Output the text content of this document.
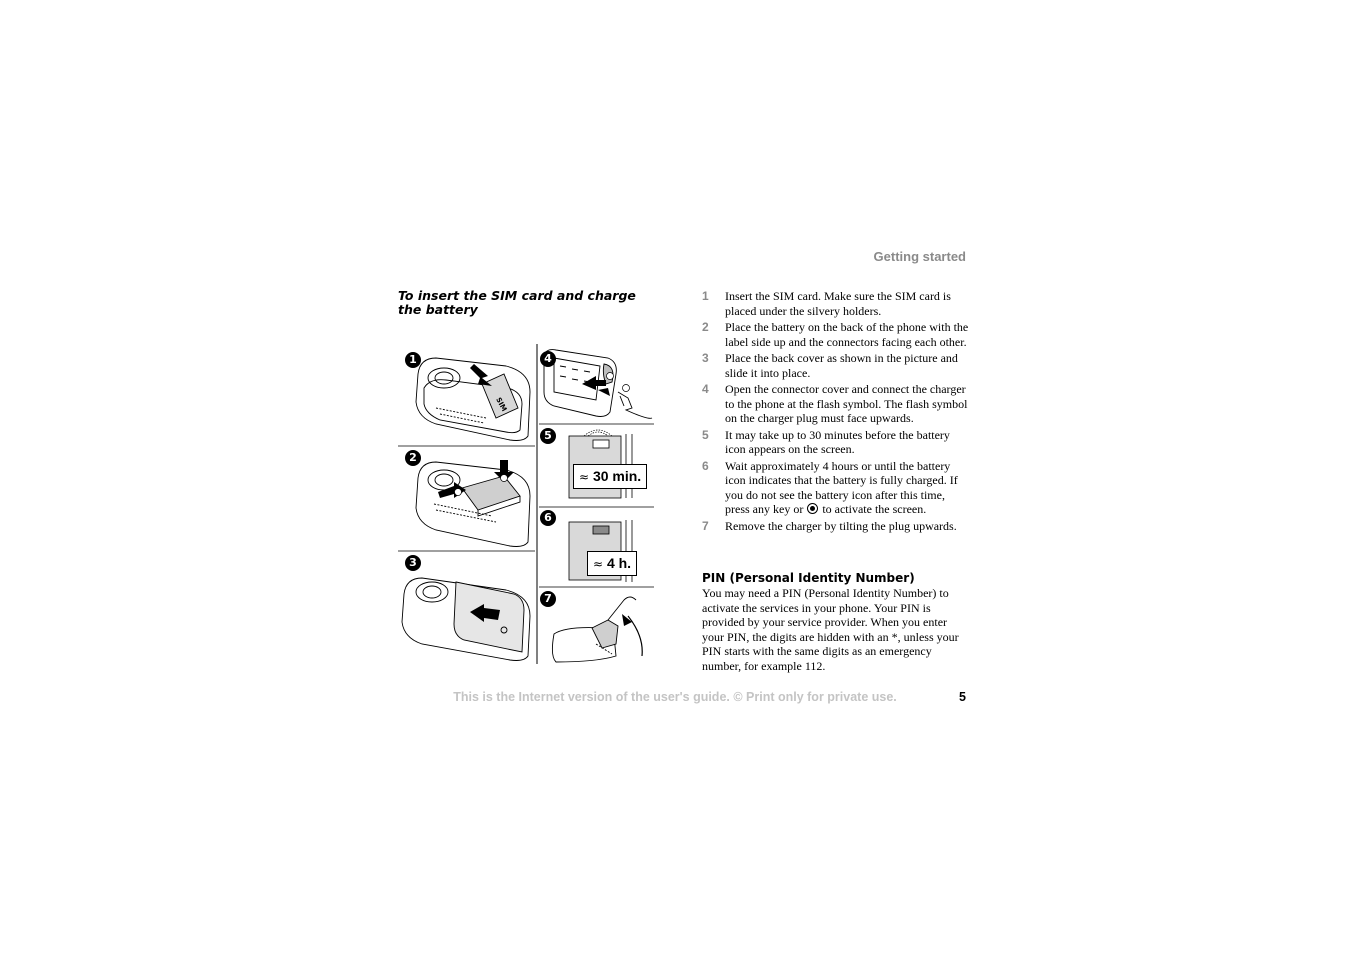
Getting started
To insert the SIM card and charge the battery
SIM
1
2
3
4
5
6
7
≈ 30 min.
≈ 4 h.
1 Insert the SIM card. Make sure the SIM card is placed under the silvery holders.
2 Place the battery on the back of the phone with the label side up and the connectors facing each other.
3 Place the back cover as shown in the picture and slide it into place.
4 Open the connector cover and connect the charger to the phone at the flash symbol. The flash symbol on the charger plug must face upwards.
5 It may take up to 30 minutes before the battery icon appears on the screen.
6 Wait approximately 4 hours or until the battery icon indicates that the battery is fully charged. If you do not see the battery icon after this time, press any key or to activate the screen.
7 Remove the charger by tilting the plug upwards.
PIN (Personal Identity Number)
You may need a PIN (Personal Identity Number) to activate the services in your phone. Your PIN is provided by your service provider. When you enter your PIN, the digits are hidden with an *, unless your PIN starts with the same digits as an emergency number, for example 112.
This is the Internet version of the user's guide. © Print only for private use.	5
